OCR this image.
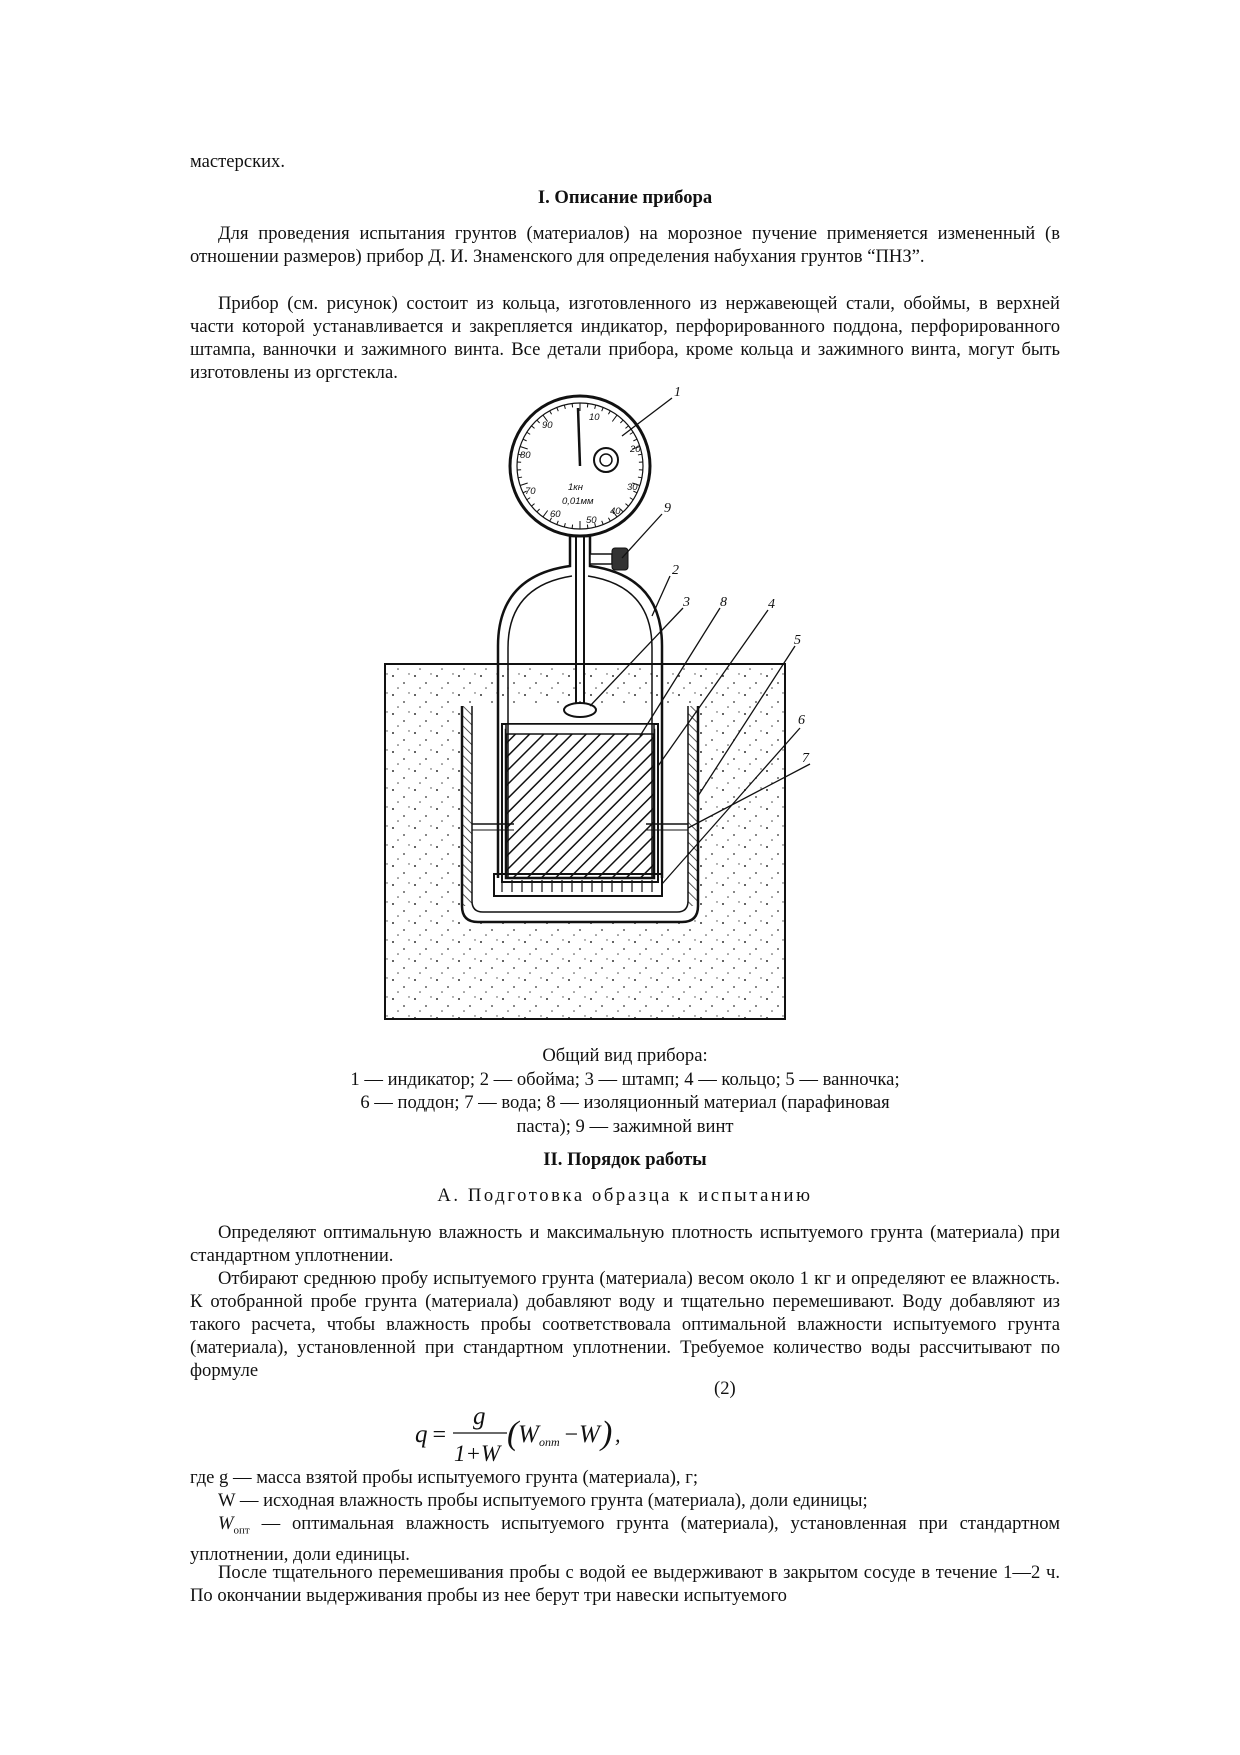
мастерских.

I. Описание прибора

Для проведения испытания грунтов (материалов) на морозное пучение применяется измененный (в отношении размеров) прибор Д. И. Знаменского для определения набухания грунтов “ПНЗ”.

Прибор (см. рисунок) состоит из кольца, изготовленного из нержавеющей стали, обоймы, в верхней части которой устанавливается и закрепляется индикатор, перфорированного поддона, перфорированного штампа, ванночки и зажимного винта. Все детали прибора, кроме кольца и зажимного винта, могут быть изготовлены из оргстекла.

10
20
30
40
50
60
70
80
90
1кн
0,01мм
1
9
2
3 8	4
5
6
7
Общий вид прибора:
1 — индикатор; 2 — обойма; 3 — штамп; 4 — кольцо; 5 — ванночка;
6 — поддон; 7 — вода; 8 — изоляционный материал (парафиновая
паста); 9 — зажимной винт
II. Порядок работы
А. Подготовка образца к испытанию

Определяют оптимальную влажность и максимальную плотность испытуемого грунта (материала) при стандартном уплотнении.

Отбирают среднюю пробу испытуемого грунта (материала) весом около 1 кг и определяют ее влажность. К отобранной пробе грунта (материала) добавляют воду и тщательно перемешивают. Воду добавляют из такого расчета, чтобы влажность пробы соответствовала оптимальной влажности испытуемого грунта (материала), установленной при стандартном уплотнении. Требуемое количество воды рассчитывают по формуле

(2)
q =
g
1+W
( W опт − W ) ,

где g — масса взятой пробы испытуемого грунта (материала), г;

W — исходная влажность пробы испытуемого грунта (материала), доли единицы;

$W_{опт}$ — оптимальная влажность испытуемого грунта (материала), установленная при стандартном уплотнении, доли единицы.

После тщательного перемешивания пробы с водой ее выдерживают в закрытом сосуде в течение 1—2 ч. По окончании выдерживания пробы из нее берут три навески испытуемого
